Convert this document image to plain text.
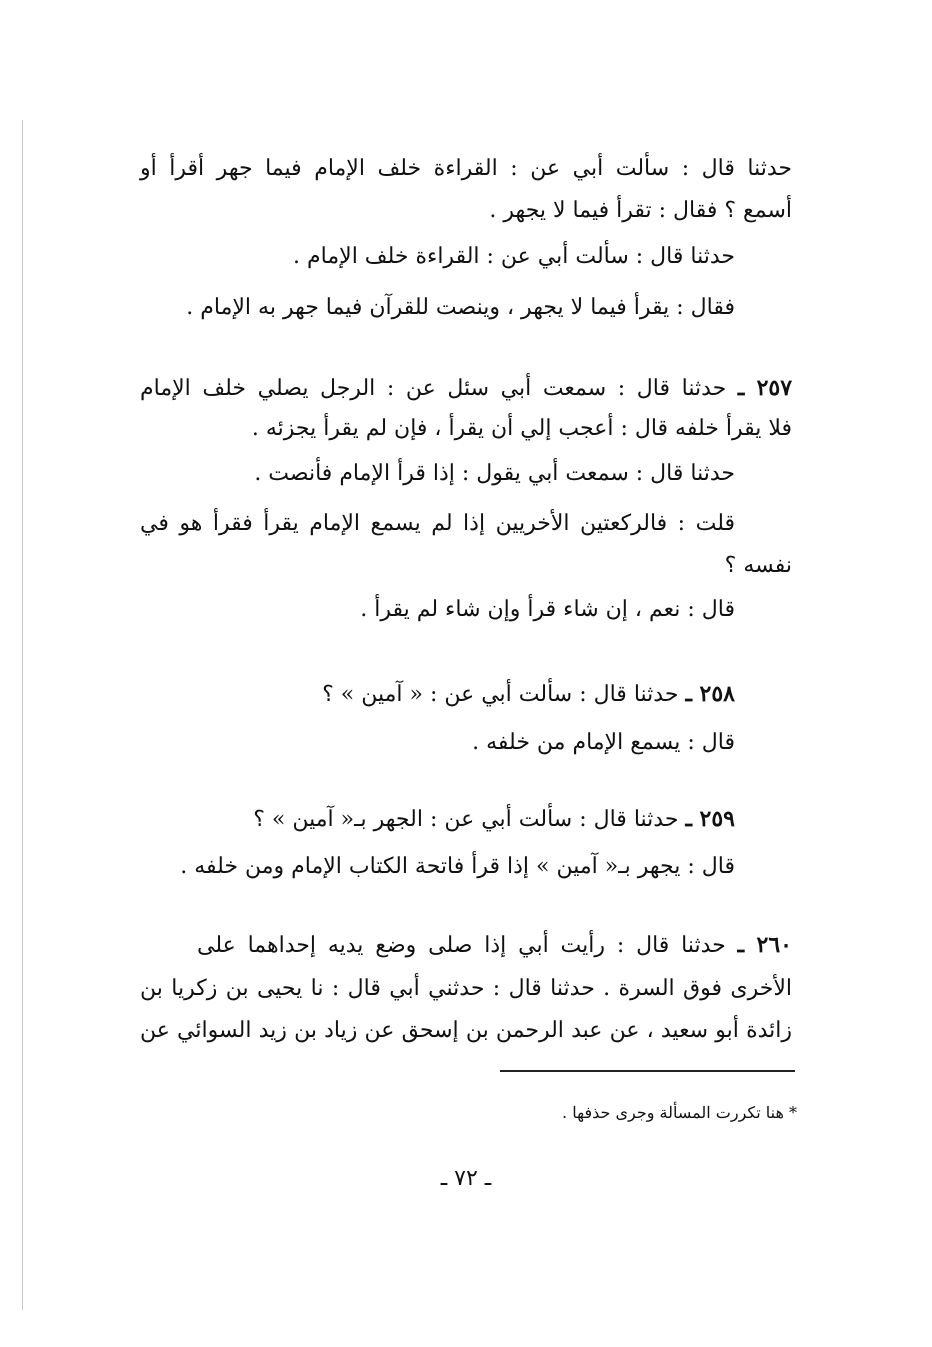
حدثنا قال : سألت أبي عن : القراءة خلف الإمام فيما جهر أقرأ أو
أسمع ؟ فقال : تقرأ فيما لا يجهر .
حدثنا قال : سألت أبي عن : القراءة خلف الإمام .
فقال : يقرأ فيما لا يجهر ، وينصت للقرآن فيما جهر به الإمام .
٢٥٧ ـ حدثنا قال : سمعت أبي سئل عن : الرجل يصلي خلف الإمام
فلا يقرأ خلفه قال : أعجب إلي أن يقرأ ، فإن لم يقرأ يجزئه .
حدثنا قال : سمعت أبي يقول : إذا قرأ الإمام فأنصت .
قلت : فالركعتين الأخريين إذا لم يسمع الإمام يقرأ فقرأ هو في
نفسه ؟
قال : نعم ، إن شاء قرأ وإن شاء لم يقرأ .
٢٥٨ ـ حدثنا قال : سألت أبي عن : « آمين » ؟
قال : يسمع الإمام من خلفه .
٢٥٩ ـ حدثنا قال : سألت أبي عن : الجهر بـ« آمين » ؟
قال : يجهر بـ« آمين » إذا قرأ فاتحة الكتاب الإمام ومن خلفه .
٢٦٠ ـ حدثنا قال : رأيت أبي إذا صلى وضع يديه إحداهما على
الأخرى فوق السرة . حدثنا قال : حدثني أبي قال : نا يحيى بن زكريا بن
زائدة أبو سعيد ، عن عبد الرحمن بن إسحق عن زياد بن زيد السوائي عن
* هنا تكررت المسألة وجرى حذفها .
ـ ٧٢ ـ
